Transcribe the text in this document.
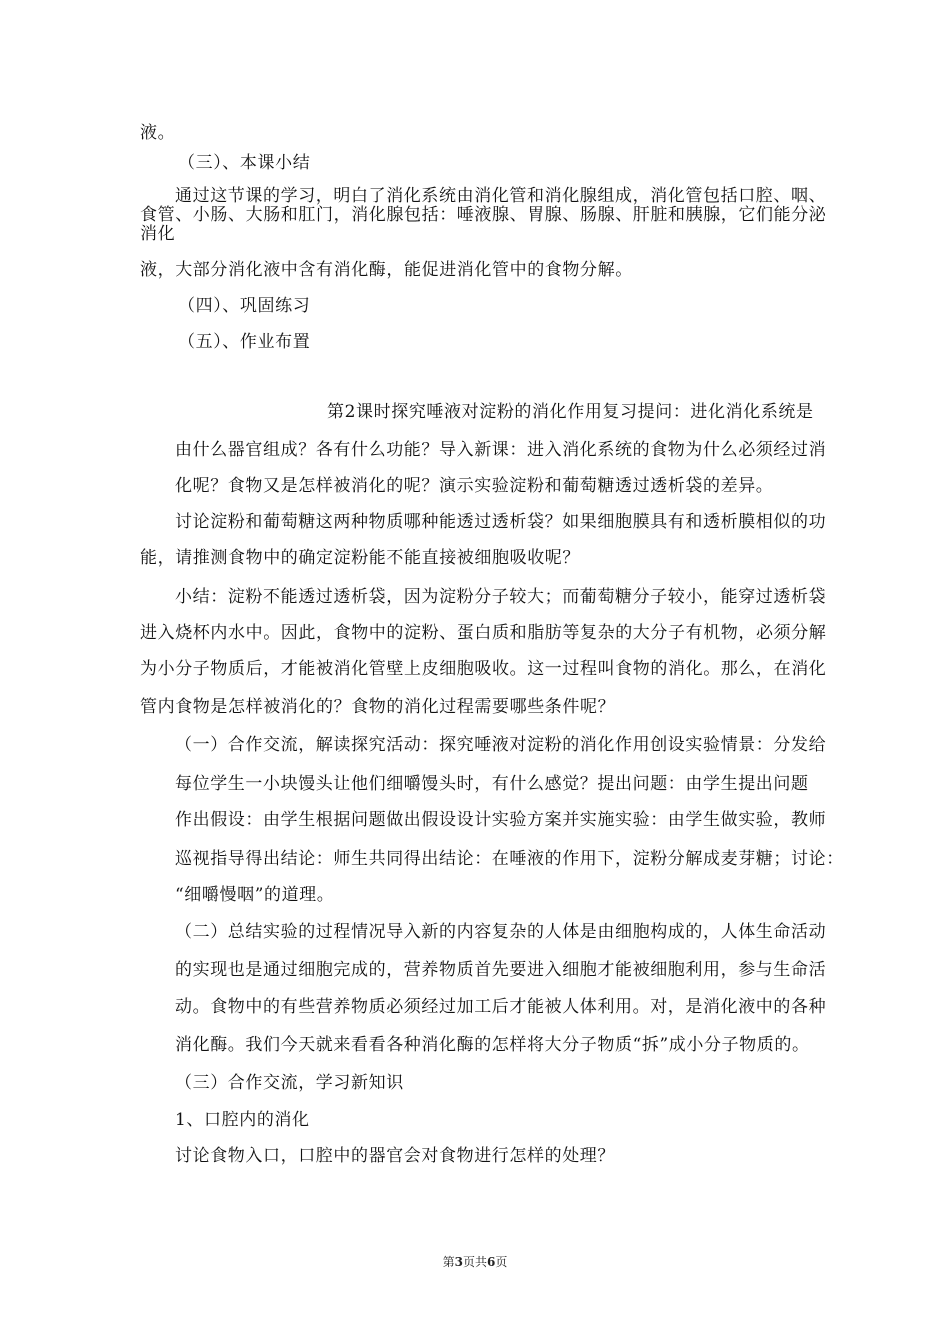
液。
（三）、本课小结
通过这节课的学习，明白了消化系统由消化管和消化腺组成，消化管包括口腔、咽、
食管、小肠、大肠和肛门，消化腺包括：唾液腺、胃腺、肠腺、肝脏和胰腺，它们能分泌
消化
液，大部分消化液中含有消化酶，能促进消化管中的食物分解。
（四）、巩固练习
（五）、作业布置
第2课时探究唾液对淀粉的消化作用复习提问：进化消化系统是
由什么器官组成？各有什么功能？导入新课：进入消化系统的食物为什么必须经过消
化呢？食物又是怎样被消化的呢？演示实验淀粉和葡萄糖透过透析袋的差异。
讨论淀粉和葡萄糖这两种物质哪种能透过透析袋？如果细胞膜具有和透析膜相似的功
能，请推测食物中的确定淀粉能不能直接被细胞吸收呢？
小结：淀粉不能透过透析袋，因为淀粉分子较大；而葡萄糖分子较小，能穿过透析袋
进入烧杯内水中。因此，食物中的淀粉、蛋白质和脂肪等复杂的大分子有机物，必须分解
为小分子物质后，才能被消化管壁上皮细胞吸收。这一过程叫食物的消化。那么，在消化
管内食物是怎样被消化的？食物的消化过程需要哪些条件呢？
（一）合作交流，解读探究活动：探究唾液对淀粉的消化作用创设实验情景：分发给
每位学生一小块馒头让他们细嚼馒头时，有什么感觉？提出问题：由学生提出问题
作出假设：由学生根据问题做出假设设计实验方案并实施实验：由学生做实验，教师
巡视指导得出结论：师生共同得出结论：在唾液的作用下，淀粉分解成麦芽糖；讨论：
“细嚼慢咽”的道理。
（二）总结实验的过程情况导入新的内容复杂的人体是由细胞构成的，人体生命活动
的实现也是通过细胞完成的，营养物质首先要进入细胞才能被细胞利用，参与生命活
动。食物中的有些营养物质必须经过加工后才能被人体利用。对，是消化液中的各种
消化酶。我们今天就来看看各种消化酶的怎样将大分子物质“拆”成小分子物质的。
（三）合作交流，学习新知识
1、口腔内的消化
讨论食物入口，口腔中的器官会对食物进行怎样的处理？
第3页共6页
